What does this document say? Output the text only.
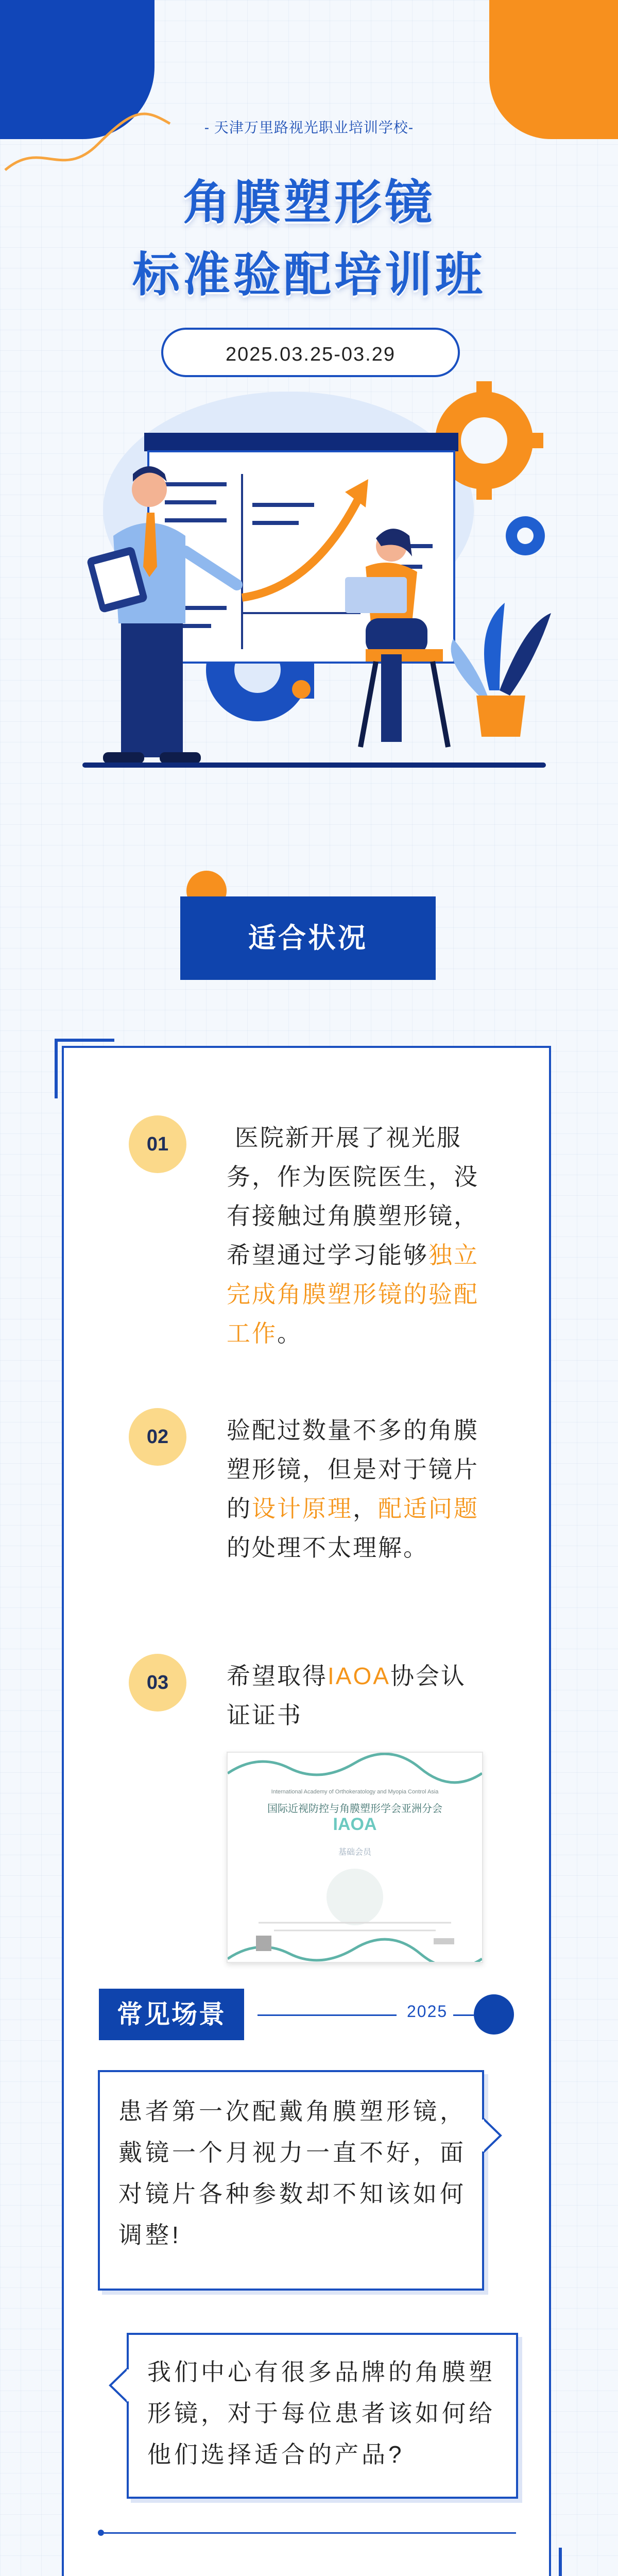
- 天津万里路视光职业培训学校-
角膜塑形镜
标准验配培训班
2025.03.25-03.29
适合状况
01	医院新开展了视光服务，作为医院医生，没有接触过角膜塑形镜，希望通过学习能够独立完成角膜塑形镜的验配工作。
02	验配过数量不多的角膜塑形镜，但是对于镜片的设计原理，配适问题的处理不太理解。
03	希望取得IAOA协会认证证书
International Academy of Orthokeratology and Myopia Control Asia
国际近视防控与角膜塑形学会亚洲分会
IAOA
基础会员
常见场景	2025
患者第一次配戴角膜塑形镜，戴镜一个月视力一直不好，面对镜片各种参数却不知该如何调整!
我们中心有很多品牌的角膜塑形镜，对于每位患者该如何给他们选择适合的产品?
